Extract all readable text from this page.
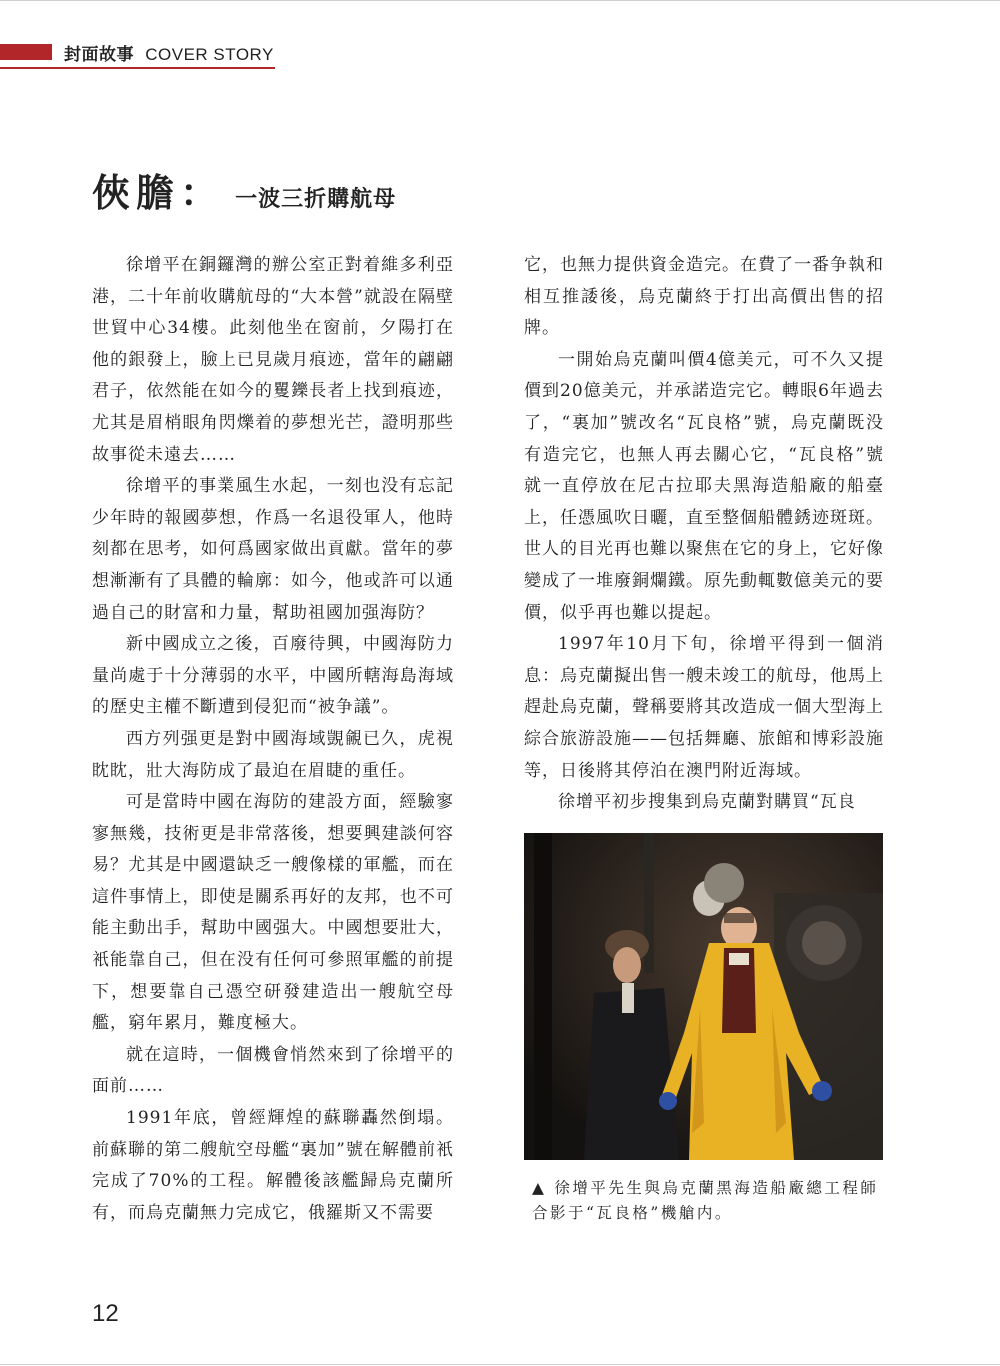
封面故事 COVER STORY
俠膽： 一波三折購航母

徐增平在銅鑼灣的辦公室正對着維多利亞港，二十年前收購航母的“大本營”就設在隔壁世貿中心34樓。此刻他坐在窗前，夕陽打在他的銀發上，臉上已見歲月痕迹，當年的翩翩君子，依然能在如今的矍鑠長者上找到痕迹，尤其是眉梢眼角閃爍着的夢想光芒，證明那些故事從未遠去……

徐增平的事業風生水起，一刻也没有忘記少年時的報國夢想，作爲一名退役軍人，他時刻都在思考，如何爲國家做出貢獻。當年的夢想漸漸有了具體的輪廓：如今，他或許可以通過自己的財富和力量，幫助祖國加强海防？

新中國成立之後，百廢待興，中國海防力量尚處于十分薄弱的水平，中國所轄海島海域的歷史主權不斷遭到侵犯而“被争議”。

西方列强更是對中國海域覬覦已久，虎視眈眈，壯大海防成了最迫在眉睫的重任。

可是當時中國在海防的建設方面，經驗寥寥無幾，技術更是非常落後，想要興建談何容易？尤其是中國還缺乏一艘像樣的軍艦，而在這件事情上，即使是關系再好的友邦，也不可能主動出手，幫助中國强大。中國想要壯大，衹能靠自己，但在没有任何可參照軍艦的前提下，想要靠自己憑空研發建造出一艘航空母艦，窮年累月，難度極大。

就在這時，一個機會悄然來到了徐增平的面前……

1991年底，曾經輝煌的蘇聯轟然倒塌。前蘇聯的第二艘航空母艦“裏加”號在解體前衹完成了70%的工程。解體後該艦歸烏克蘭所有，而烏克蘭無力完成它，俄羅斯又不需要

它，也無力提供資金造完。在費了一番争執和相互推諉後，烏克蘭終于打出高價出售的招牌。

一開始烏克蘭叫價4億美元，可不久又提價到20億美元，并承諾造完它。轉眼6年過去了，“裏加”號改名“瓦良格”號，烏克蘭既没有造完它，也無人再去關心它，“瓦良格”號就一直停放在尼古拉耶夫黑海造船廠的船臺上，任憑風吹日曬，直至整個船體銹迹斑斑。世人的目光再也難以聚焦在它的身上，它好像變成了一堆廢銅爛鐵。原先動輒數億美元的要價，似乎再也難以提起。

1997年10月下旬，徐增平得到一個消息：烏克蘭擬出售一艘未竣工的航母，他馬上趕赴烏克蘭，聲稱要將其改造成一個大型海上綜合旅游設施——包括舞廳、旅館和博彩設施等，日後將其停泊在澳門附近海域。

徐增平初步搜集到烏克蘭對購買“瓦良

▲ 徐增平先生與烏克蘭黑海造船廠總工程師合影于“瓦良格”機艙内。
12
